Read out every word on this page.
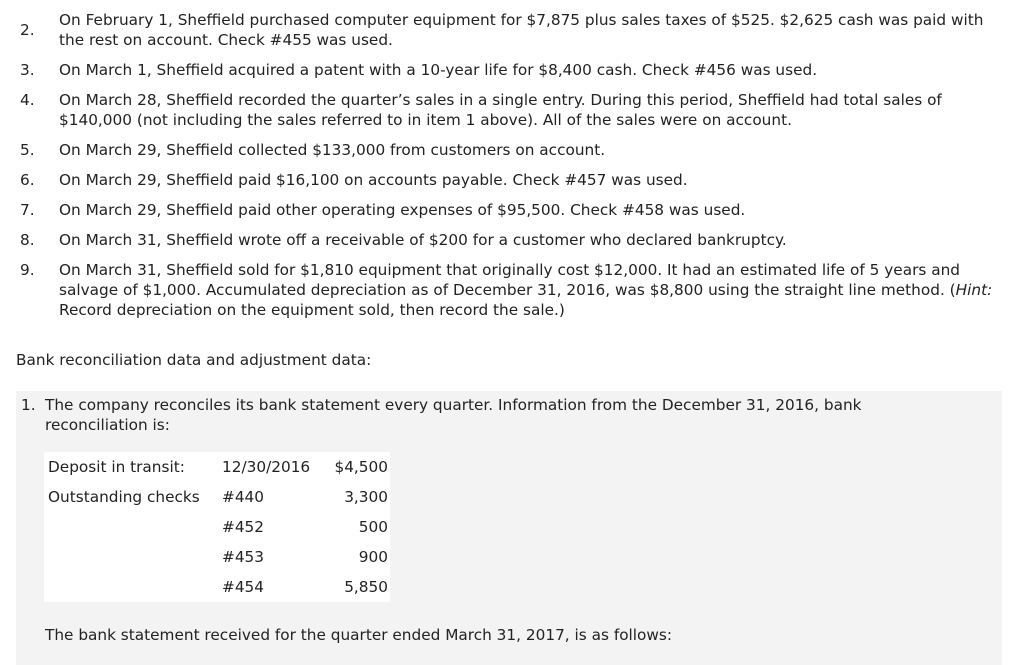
2.
On February 1, Sheffield purchased computer equipment for $7,875 plus sales taxes of $525. $2,625 cash was paid with the rest on account. Check #455 was used.
3. On March 1, Sheffield acquired a patent with a 10-year life for $8,400 cash. Check #456 was used.
4. On March 28, Sheffield recorded the quarter’s sales in a single entry. During this period, Sheffield had total sales of $140,000 (not including the sales referred to in item 1 above). All of the sales were on account.
5. On March 29, Sheffield collected $133,000 from customers on account.
6. On March 29, Sheffield paid $16,100 on accounts payable. Check #457 was used.
7. On March 29, Sheffield paid other operating expenses of $95,500. Check #458 was used.
8. On March 31, Sheffield wrote off a receivable of $200 for a customer who declared bankruptcy.
9. On March 31, Sheffield sold for $1,810 equipment that originally cost $12,000. It had an estimated life of 5 years and salvage of $1,000. Accumulated depreciation as of December 31, 2016, was $8,800 using the straight line method. (Hint: Record depreciation on the equipment sold, then record the sale.)
Bank reconciliation data and adjustment data:
1. The company reconciles its bank statement every quarter. Information from the December 31, 2016, bank reconciliation is:
Deposit in transit: 12/30/2016 $4,500
Outstanding checks #440	3,300
#452	500
#453	900
#454	5,850
The bank statement received for the quarter ended March 31, 2017, is as follows:
